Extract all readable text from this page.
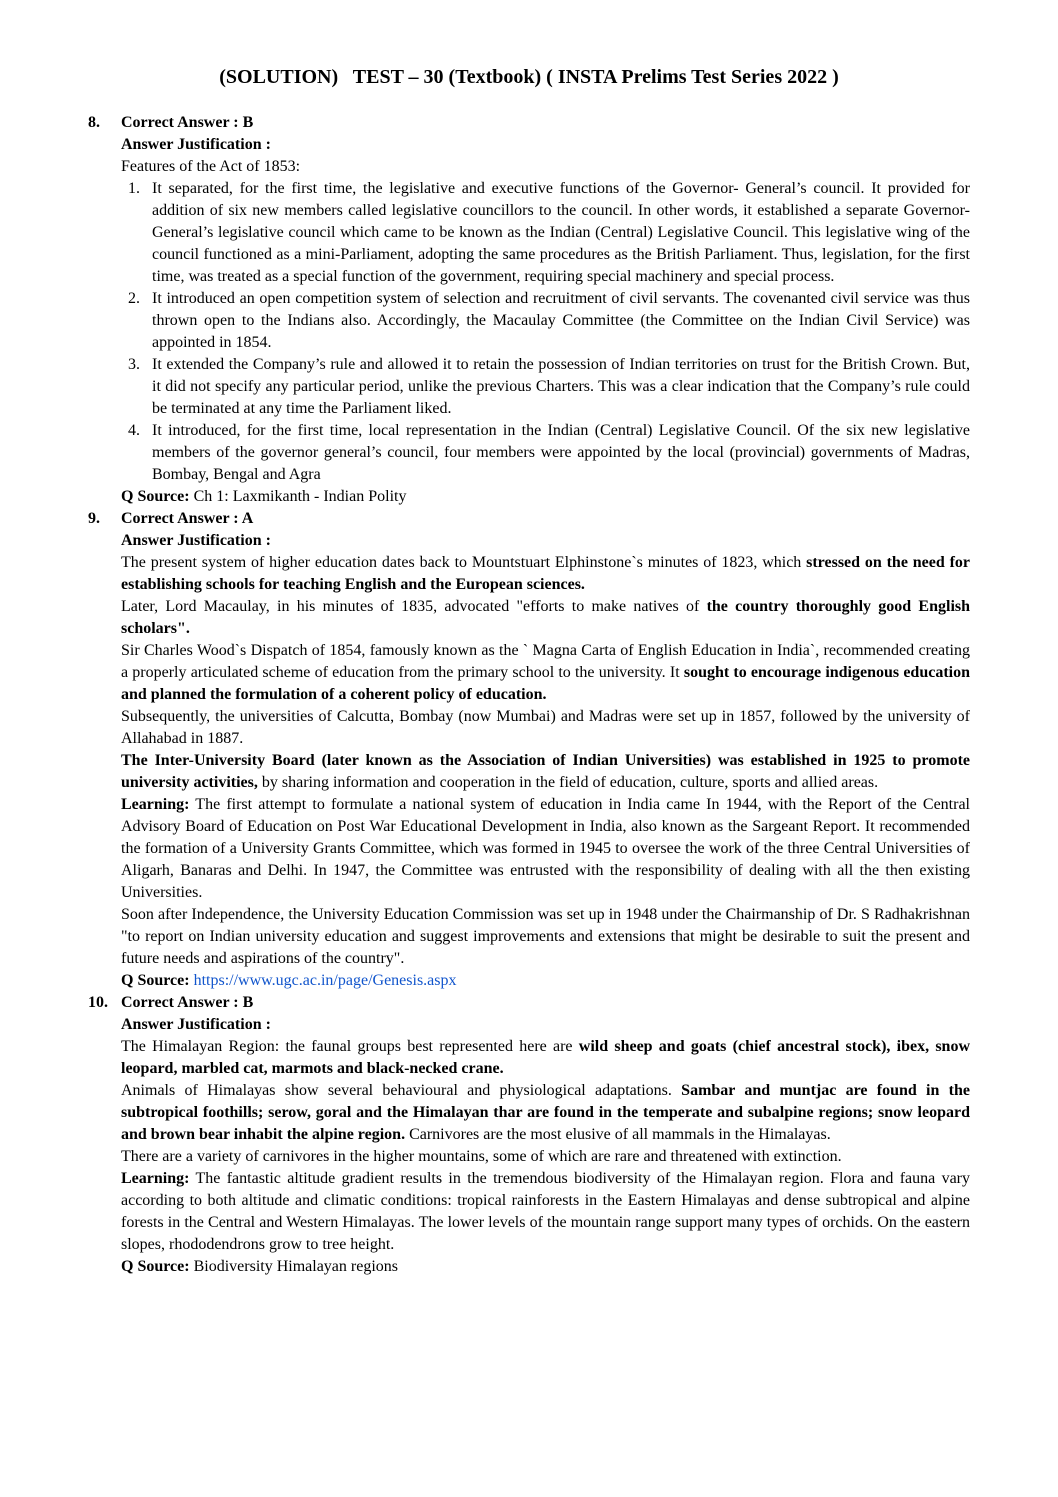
(SOLUTION)   TEST – 30 (Textbook) ( INSTA Prelims Test Series 2022 )
8.	Correct Answer : B

Answer Justification :

Features of the Act of 1853:

1. It separated, for the first time, the legislative and executive functions of the Governor- General’s council. It provided for addition of six new members called legislative councillors to the council. In other words, it established a separate Governor-General’s legislative council which came to be known as the Indian (Central) Legislative Council. This legislative wing of the council functioned as a mini-Parliament, adopting the same procedures as the British Parliament. Thus, legislation, for the first time, was treated as a special function of the government, requiring special machinery and special process.
2. It introduced an open competition system of selection and recruitment of civil servants. The covenanted civil service was thus thrown open to the Indians also. Accordingly, the Macaulay Committee (the Committee on the Indian Civil Service) was appointed in 1854.
3. It extended the Company’s rule and allowed it to retain the possession of Indian territories on trust for the British Crown. But, it did not specify any particular period, unlike the previous Charters. This was a clear indication that the Company’s rule could be terminated at any time the Parliament liked.
4. It introduced, for the first time, local representation in the Indian (Central) Legislative Council. Of the six new legislative members of the governor general’s council, four members were appointed by the local (provincial) governments of Madras, Bombay, Bengal and Agra

Q Source: Ch 1: Laxmikanth - Indian Polity

9.	Correct Answer : A

Answer Justification :

The present system of higher education dates back to Mountstuart Elphinstone`s minutes of 1823, which stressed on the need for establishing schools for teaching English and the European sciences.

Later, Lord Macaulay, in his minutes of 1835, advocated "efforts to make natives of the country thoroughly good English scholars".

Sir Charles Wood`s Dispatch of 1854, famously known as the ` Magna Carta of English Education in India`, recommended creating a properly articulated scheme of education from the primary school to the university. It sought to encourage indigenous education and planned the formulation of a coherent policy of education.

Subsequently, the universities of Calcutta, Bombay (now Mumbai) and Madras were set up in 1857, followed by the university of Allahabad in 1887.

The Inter-University Board (later known as the Association of Indian Universities) was established in 1925 to promote university activities, by sharing information and cooperation in the field of education, culture, sports and allied areas.

Learning: The first attempt to formulate a national system of education in India came In 1944, with the Report of the Central Advisory Board of Education on Post War Educational Development in India, also known as the Sargeant Report. It recommended the formation of a University Grants Committee, which was formed in 1945 to oversee the work of the three Central Universities of Aligarh, Banaras and Delhi. In 1947, the Committee was entrusted with the responsibility of dealing with all the then existing Universities.

Soon after Independence, the University Education Commission was set up in 1948 under the Chairmanship of Dr. S Radhakrishnan "to report on Indian university education and suggest improvements and extensions that might be desirable to suit the present and future needs and aspirations of the country".

Q Source: https://www.ugc.ac.in/page/Genesis.aspx

10. Correct Answer : B

Answer Justification :

The Himalayan Region: the faunal groups best represented here are wild sheep and goats (chief ancestral stock), ibex, snow leopard, marbled cat, marmots and black-necked crane.

Animals of Himalayas show several behavioural and physiological adaptations. Sambar and muntjac are found in the subtropical foothills; serow, goral and the Himalayan thar are found in the temperate and subalpine regions; snow leopard and brown bear inhabit the alpine region. Carnivores are the most elusive of all mammals in the Himalayas.

There are a variety of carnivores in the higher mountains, some of which are rare and threatened with extinction.

Learning: The fantastic altitude gradient results in the tremendous biodiversity of the Himalayan region. Flora and fauna vary according to both altitude and climatic conditions: tropical rainforests in the Eastern Himalayas and dense subtropical and alpine forests in the Central and Western Himalayas. The lower levels of the mountain range support many types of orchids. On the eastern slopes, rhododendrons grow to tree height.

Q Source: Biodiversity Himalayan regions
